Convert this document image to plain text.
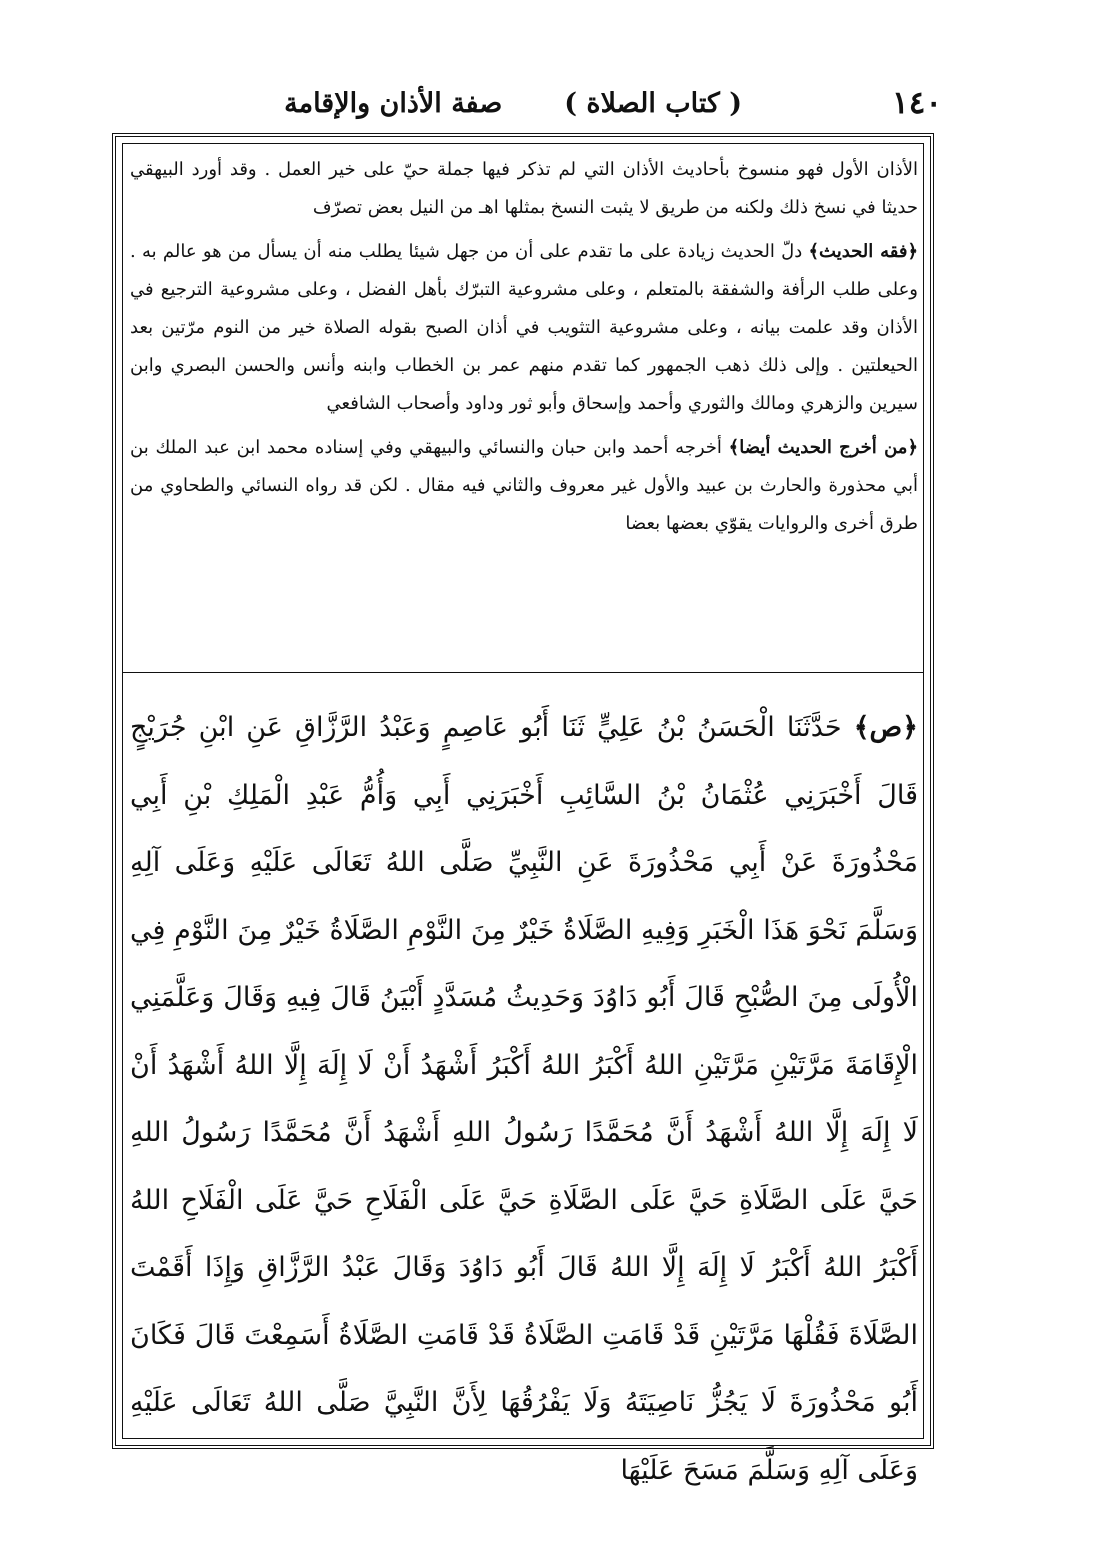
١٤٠
( كتاب الصلاة )
صفة الأذان والإقامة

الأذان الأول فهو منسوخ بأحاديث الأذان التي لم تذكر فيها جملة حيّ على خير العمل . وقد أورد البيهقي حديثا في نسخ ذلك ولكنه من طريق لا يثبت النسخ بمثلها اهـ من النيل بعض تصرّف

﴿فقه الحديث﴾ دلّ الحديث زيادة على ما تقدم على أن من جهل شيئا يطلب منه أن يسأل من هو عالم به . وعلى طلب الرأفة والشفقة بالمتعلم ، وعلى مشروعية التبرّك بأهل الفضل ، وعلى مشروعية الترجيع في الأذان وقد علمت بيانه ، وعلى مشروعية التثويب في أذان الصبح بقوله الصلاة خير من النوم مرّتين بعد الحيعلتين . وإلى ذلك ذهب الجمهور كما تقدم منهم عمر بن الخطاب وابنه وأنس والحسن البصري وابن سيرين والزهري ومالك والثوري وأحمد وإسحاق وأبو ثور وداود وأصحاب الشافعي

﴿من أخرج الحديث أيضا﴾ أخرجه أحمد وابن حبان والنسائي والبيهقي وفي إسناده محمد ابن عبد الملك بن أبي محذورة والحارث بن عبيد والأول غير معروف والثاني فيه مقال . لكن قد رواه النسائي والطحاوي من طرق أخرى والروايات يقوّي بعضها بعضا

﴿ص﴾ حَدَّثَنَا الْحَسَنُ بْنُ عَلِيٍّ ثَنَا أَبُو عَاصِمٍ وَعَبْدُ الرَّزَّاقِ عَنِ ابْنِ جُرَيْجٍ قَالَ أَخْبَرَنِي عُثْمَانُ بْنُ السَّائِبِ أَخْبَرَنِي أَبِي وَأُمُّ عَبْدِ الْمَلِكِ بْنِ أَبِي مَحْذُورَةَ عَنْ أَبِي مَحْذُورَةَ عَنِ النَّبِيِّ صَلَّى اللهُ تَعَالَى عَلَيْهِ وَعَلَى آلِهِ وَسَلَّمَ نَحْوَ هَذَا الْخَبَرِ وَفِيهِ الصَّلَاةُ خَيْرٌ مِنَ النَّوْمِ الصَّلَاةُ خَيْرٌ مِنَ النَّوْمِ فِي الْأُولَى مِنَ الصُّبْحِ قَالَ أَبُو دَاوُدَ وَحَدِيثُ مُسَدَّدٍ أَبْيَنُ قَالَ فِيهِ وَقَالَ وَعَلَّمَنِي الْإِقَامَةَ مَرَّتَيْنِ مَرَّتَيْنِ اللهُ أَكْبَرُ اللهُ أَكْبَرُ أَشْهَدُ أَنْ لَا إِلَهَ إِلَّا اللهُ أَشْهَدُ أَنْ لَا إِلَهَ إِلَّا اللهُ أَشْهَدُ أَنَّ مُحَمَّدًا رَسُولُ اللهِ أَشْهَدُ أَنَّ مُحَمَّدًا رَسُولُ اللهِ حَيَّ عَلَى الصَّلَاةِ حَيَّ عَلَى الصَّلَاةِ حَيَّ عَلَى الْفَلَاحِ حَيَّ عَلَى الْفَلَاحِ اللهُ أَكْبَرُ اللهُ أَكْبَرُ لَا إِلَهَ إِلَّا اللهُ قَالَ أَبُو دَاوُدَ وَقَالَ عَبْدُ الرَّزَّاقِ وَإِذَا أَقَمْتَ الصَّلَاةَ فَقُلْهَا مَرَّتَيْنِ قَدْ قَامَتِ الصَّلَاةُ قَدْ قَامَتِ الصَّلَاةُ أَسَمِعْتَ قَالَ فَكَانَ أَبُو مَحْذُورَةَ لَا يَجُزُّ نَاصِيَتَهُ وَلَا يَفْرُقُهَا لِأَنَّ النَّبِيَّ صَلَّى اللهُ تَعَالَى عَلَيْهِ وَعَلَى آلِهِ وَسَلَّمَ مَسَحَ عَلَيْهَا
